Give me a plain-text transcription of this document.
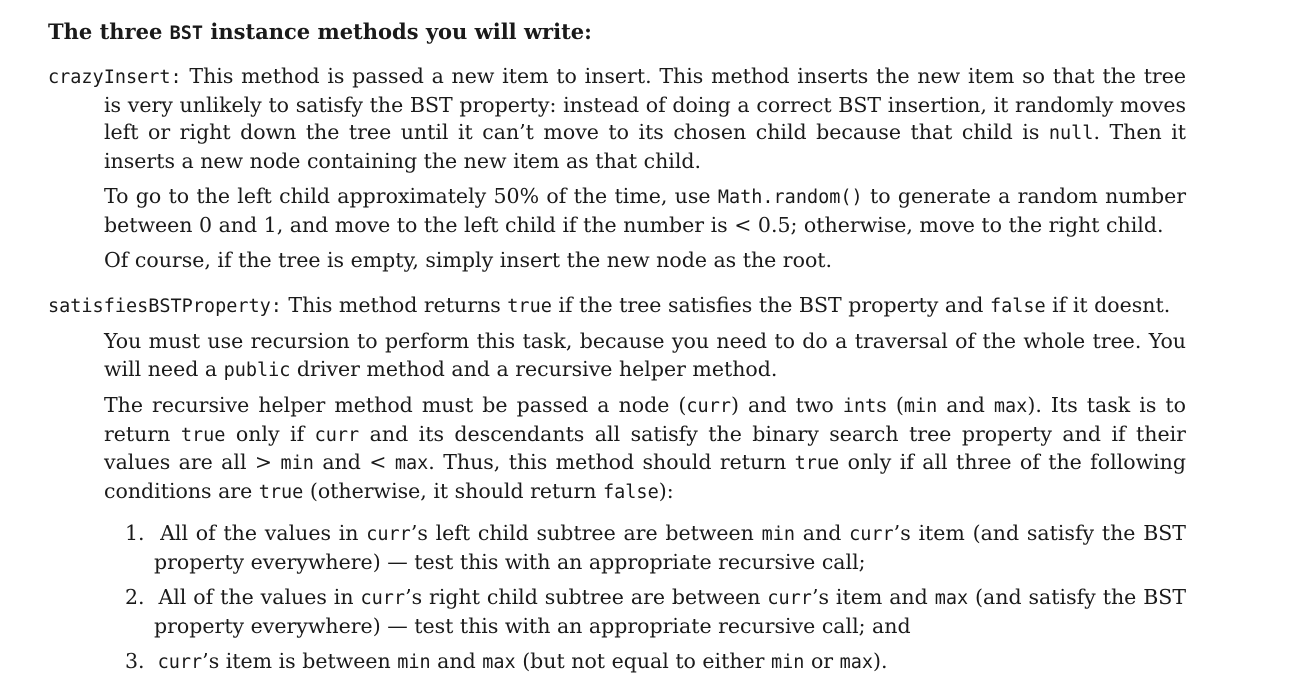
The three BST instance methods you will write:

crazyInsert: This method is passed a new item to insert. This method inserts the new item so that the tree is very unlikely to satisfy the BST property: instead of doing a correct BST insertion, it randomly moves left or right down the tree until it can’t move to its chosen child because that child is null. Then it inserts a new node containing the new item as that child.

To go to the left child approximately 50% of the time, use Math.random() to generate a random number between 0 and 1, and move to the left child if the number is < 0.5; otherwise, move to the right child.

Of course, if the tree is empty, simply insert the new node as the root.

satisfiesBSTProperty: This method returns true if the tree satisfies the BST property and false if it doesnt.

You must use recursion to perform this task, because you need to do a traversal of the whole tree. You will need a public driver method and a recursive helper method.

The recursive helper method must be passed a node (curr) and two ints (min and max). Its task is to return true only if curr and its descendants all satisfy the binary search tree property and if their values are all > min and < max. Thus, this method should return true only if all three of the following conditions are true (otherwise, it should return false):

1. All of the values in curr’s left child subtree are between min and curr’s item (and satisfy the BST property everywhere) — test this with an appropriate recursive call;

2. All of the values in curr’s right child subtree are between curr’s item and max (and satisfy the BST property everywhere) — test this with an appropriate recursive call; and

3. curr’s item is between min and max (but not equal to either min or max).
